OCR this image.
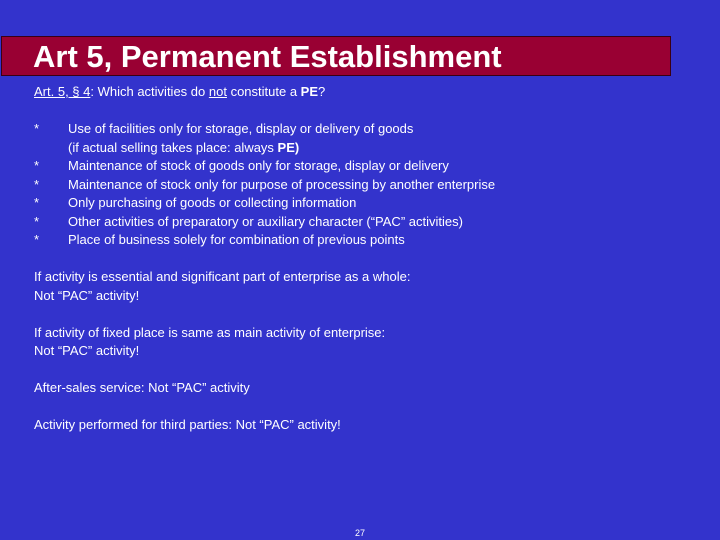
Art 5, Permanent Establishment
Art. 5, § 4: Which activities do not constitute a PE?
* Use of facilities only for storage, display or delivery of goods
(if actual selling takes place: always PE)
* Maintenance of stock of goods only for storage, display or delivery
* Maintenance of stock only for purpose of processing by another enterprise
* Only purchasing of goods or collecting information
* Other activities of preparatory or auxiliary character (“PAC” activities)
* Place of business solely for combination of previous points
If activity is essential and significant part of enterprise as a whole:
Not “PAC” activity!
If activity of fixed place is same as main activity of enterprise:
Not “PAC” activity!
After-sales service: Not “PAC” activity
Activity performed for third parties: Not “PAC” activity!
27
